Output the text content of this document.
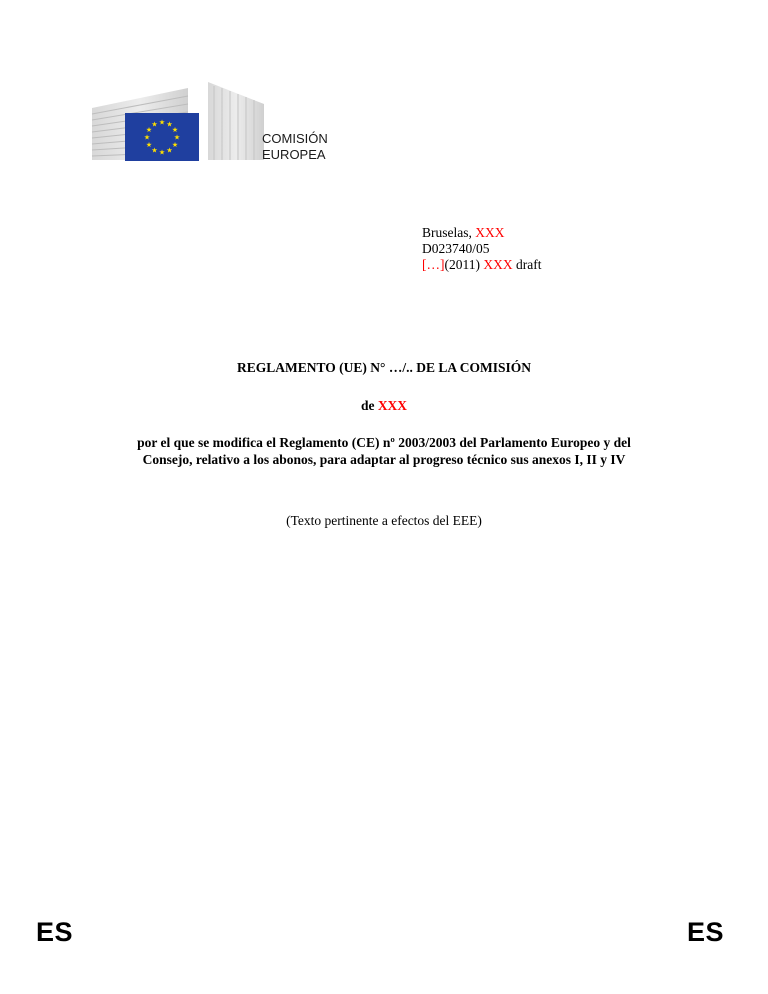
★ ★
★
★
★
★
★
★
★
★
★
★
COMISIÓN
EUROPEA
Bruselas, XXX
D023740/05
[…](2011) XXX draft
REGLAMENTO (UE) N° …/.. DE LA COMISIÓN
de XXX
por el que se modifica el Reglamento (CE) nº 2003/2003 del Parlamento Europeo y del
Consejo, relativo a los abonos, para adaptar al progreso técnico sus anexos I, II y IV
(Texto pertinente a efectos del EEE)
ES	ES
